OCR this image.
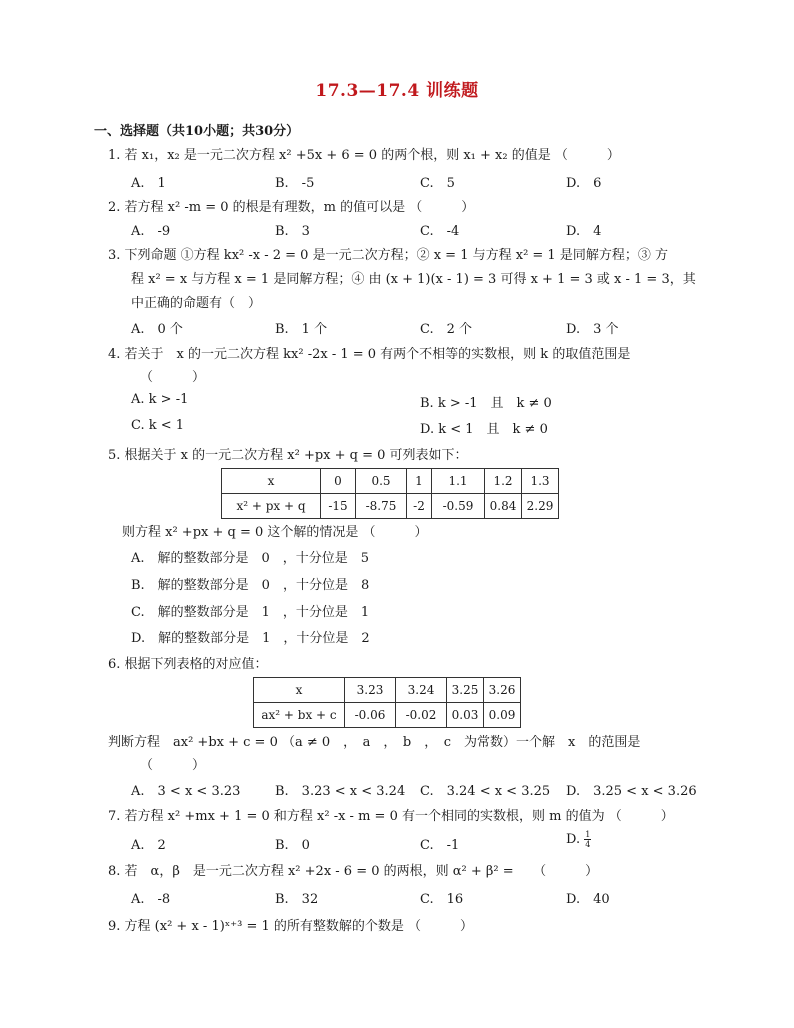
17.3—17.4 训练题
一、选择题（共10小题；共30分）
1. 若 x₁，x₂ 是一元二次方程 x² +5x + 6 = 0 的两个根，则 x₁ + x₂ 的值是 （　　　）
A.　1	B.　-5	C.　5	D.　6
2. 若方程 x² -m = 0 的根是有理数，m 的值可以是 （　　　）
A.　-9	B.　3	C.　-4	D.　4
3. 下列命题 ①方程 kx² -x - 2 = 0 是一元二次方程；② x = 1 与方程 x² = 1 是同解方程；③ 方
程 x² = x 与方程 x = 1 是同解方程；④ 由 (x + 1)(x - 1) = 3 可得 x + 1 = 3 或 x - 1 = 3，其
中正确的命题有（　）
A.　0 个	B.　1 个	C.　2 个	D.　3 个
4. 若关于　x 的一元二次方程 kx² -2x - 1 = 0 有两个不相等的实数根，则 k 的取值范围是
（　　　）
A. k > -1	B. k > -1　且　k ≠ 0
C. k < 1	D. k < 1　且　k ≠ 0
5. 根据关于 x 的一元二次方程 x² +px + q = 0 可列表如下：
x	0	0.5	1	1.1	1.2	1.3
x² + px + q	-15	-8.75	-2	-0.59	0.84	2.29
则方程 x² +px + q = 0 这个解的情况是 （　　　）
A.　解的整数部分是　0　，十分位是　5
B.　解的整数部分是　0　，十分位是　8
C.　解的整数部分是　1　，十分位是　1
D.　解的整数部分是　1　，十分位是　2
6. 根据下列表格的对应值：
x	3.23	3.24	3.25	3.26
ax² + bx + c	-0.06	-0.02	0.03	0.09
判断方程　ax² +bx + c = 0 （a ≠ 0　，　a　，　b　，　c　为常数）一个解　x　的范围是
（　　　）
A.　3 < x < 3.23	B.　3.23 < x < 3.24 C.　3.24 < x < 3.25 D.　3.25 < x < 3.26
7. 若方程 x² +mx + 1 = 0 和方程 x² -x - m = 0 有一个相同的实数根，则 m 的值为 （　　　）
A.　2	B.　0	C.　-1	D. $\frac{1}{4}$
8. 若　α，β　是一元二次方程 x² +2x - 6 = 0 的两根，则 α² + β² =　　（　　　）
A.　-8	B.　32	C.　16	D.　40
9. 方程 (x² + x - 1)ˣ⁺³ = 1 的所有整数解的个数是 （　　　）
